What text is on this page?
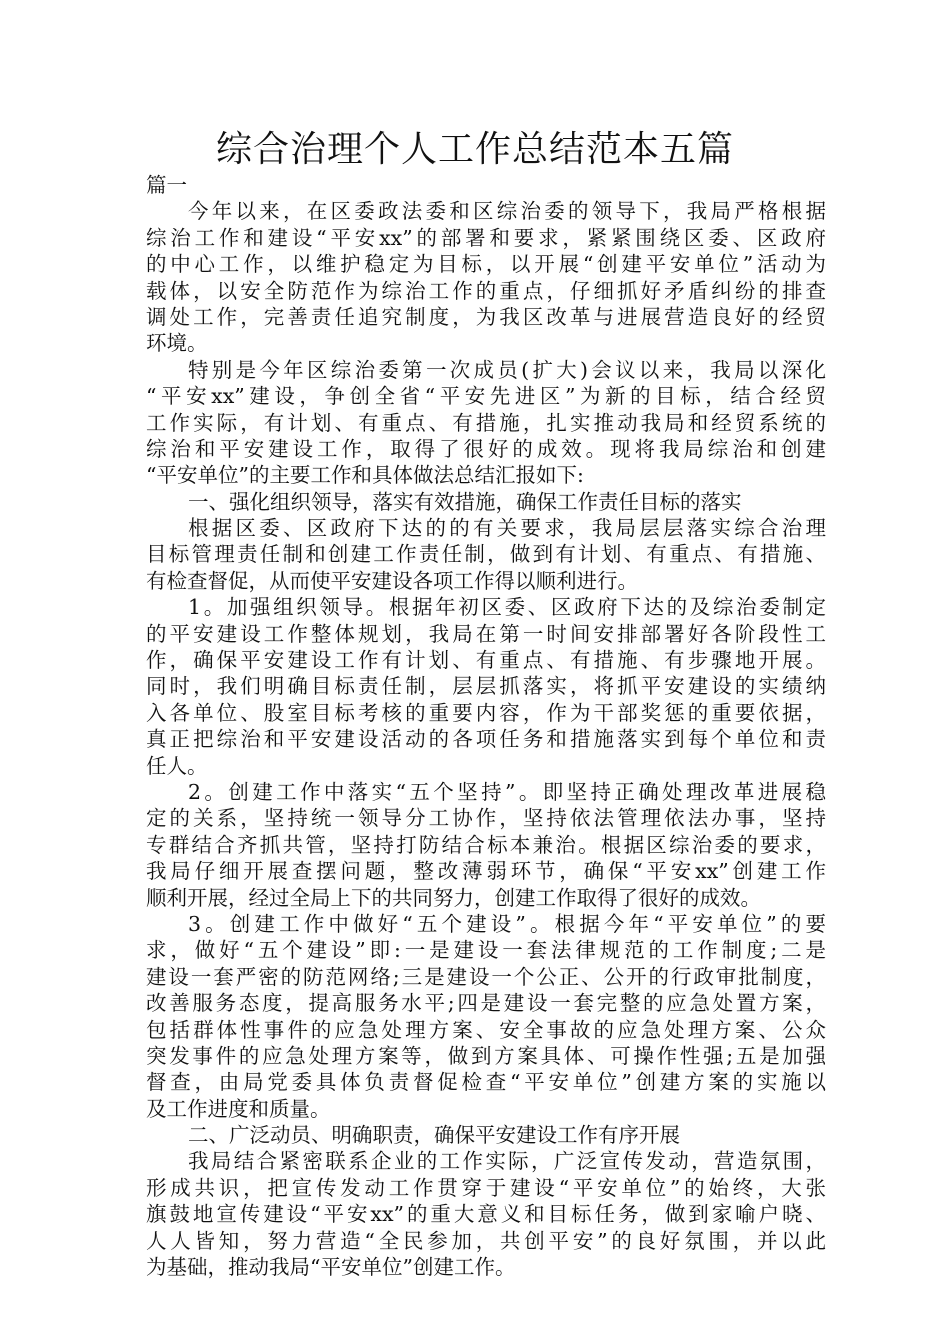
综合治理个人工作总结范本五篇
篇一
今年以来，在区委政法委和区综治委的领导下，我局严格根据
综治工作和建设“平安xx”的部署和要求，紧紧围绕区委、区政府
的中心工作，以维护稳定为目标，以开展“创建平安单位”活动为
载体，以安全防范作为综治工作的重点，仔细抓好矛盾纠纷的排查
调处工作，完善责任追究制度，为我区改革与进展营造良好的经贸
环境。
特别是今年区综治委第一次成员(扩大)会议以来，我局以深化
“平安xx”建设，争创全省“平安先进区”为新的目标，结合经贸
工作实际，有计划、有重点、有措施，扎实推动我局和经贸系统的
综治和平安建设工作，取得了很好的成效。现将我局综治和创建
“平安单位”的主要工作和具体做法总结汇报如下:
一、强化组织领导，落实有效措施，确保工作责任目标的落实
根据区委、区政府下达的的有关要求，我局层层落实综合治理
目标管理责任制和创建工作责任制，做到有计划、有重点、有措施、
有检查督促，从而使平安建设各项工作得以顺利进行。
1。加强组织领导。根据年初区委、区政府下达的及综治委制定
的平安建设工作整体规划，我局在第一时间安排部署好各阶段性工
作，确保平安建设工作有计划、有重点、有措施、有步骤地开展。
同时，我们明确目标责任制，层层抓落实，将抓平安建设的实绩纳
入各单位、股室目标考核的重要内容，作为干部奖惩的重要依据，
真正把综治和平安建设活动的各项任务和措施落实到每个单位和责
任人。
2。创建工作中落实“五个坚持”。即坚持正确处理改革进展稳
定的关系，坚持统一领导分工协作，坚持依法管理依法办事，坚持
专群结合齐抓共管，坚持打防结合标本兼治。根据区综治委的要求，
我局仔细开展查摆问题，整改薄弱环节，确保“平安xx”创建工作
顺利开展，经过全局上下的共同努力，创建工作取得了很好的成效。
3。创建工作中做好“五个建设”。根据今年“平安单位”的要
求，做好“五个建设”即:一是建设一套法律规范的工作制度;二是
建设一套严密的防范网络;三是建设一个公正、公开的行政审批制度，
改善服务态度，提高服务水平;四是建设一套完整的应急处置方案，
包括群体性事件的应急处理方案、安全事故的应急处理方案、公众
突发事件的应急处理方案等，做到方案具体、可操作性强;五是加强
督查，由局党委具体负责督促检查“平安单位”创建方案的实施以
及工作进度和质量。
二、广泛动员、明确职责，确保平安建设工作有序开展
我局结合紧密联系企业的工作实际，广泛宣传发动，营造氛围，
形成共识，把宣传发动工作贯穿于建设“平安单位”的始终，大张
旗鼓地宣传建设“平安xx”的重大意义和目标任务，做到家喻户晓、
人人皆知，努力营造“全民参加，共创平安”的良好氛围，并以此
为基础，推动我局“平安单位”创建工作。
